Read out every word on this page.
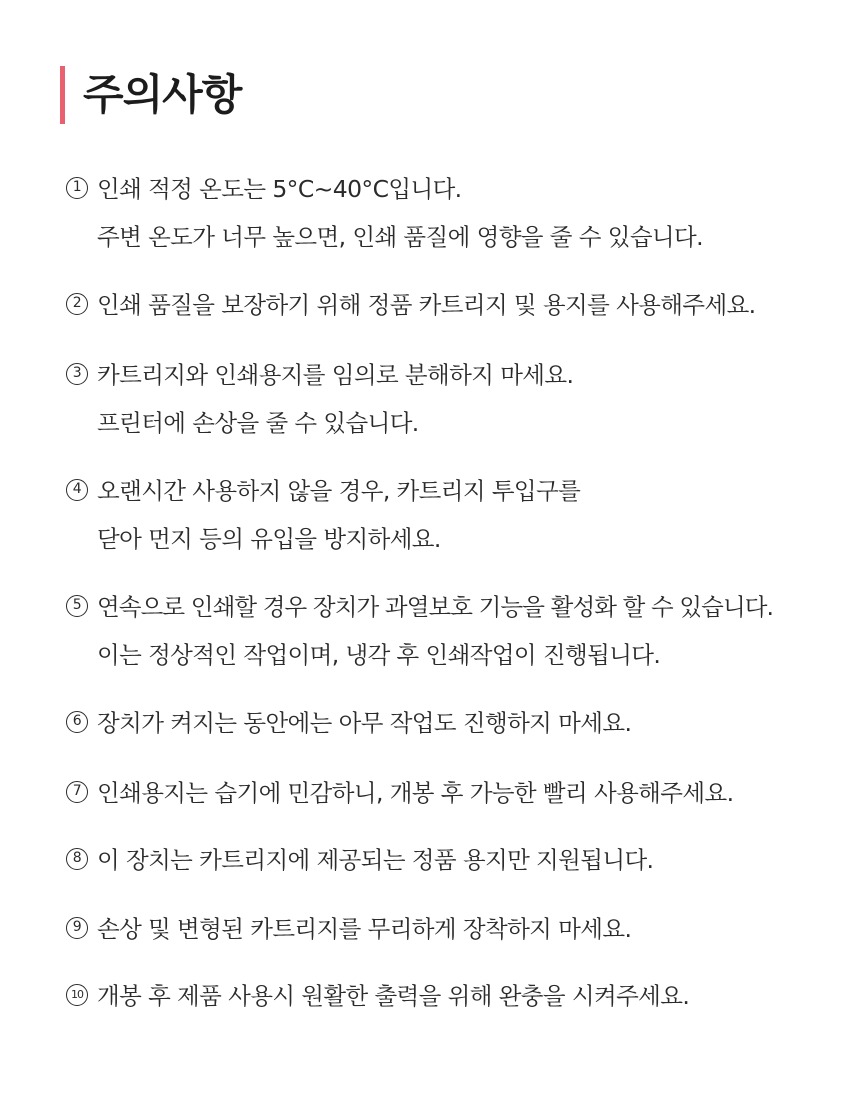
주의사항
1 인쇄 적정 온도는 5°C~40°C입니다.
주변 온도가 너무 높으면, 인쇄 품질에 영향을 줄 수 있습니다.
2 인쇄 품질을 보장하기 위해 정품 카트리지 및 용지를 사용해주세요.
3 카트리지와 인쇄용지를 임의로 분해하지 마세요.
프린터에 손상을 줄 수 있습니다.
4 오랜시간 사용하지 않을 경우, 카트리지 투입구를
닫아 먼지 등의 유입을 방지하세요.
5 연속으로 인쇄할 경우 장치가 과열보호 기능을 활성화 할 수 있습니다.
이는 정상적인 작업이며, 냉각 후 인쇄작업이 진행됩니다.
6 장치가 켜지는 동안에는 아무 작업도 진행하지 마세요.
7 인쇄용지는 습기에 민감하니, 개봉 후 가능한 빨리 사용해주세요.
8 이 장치는 카트리지에 제공되는 정품 용지만 지원됩니다.
9 손상 및 변형된 카트리지를 무리하게 장착하지 마세요.
10 개봉 후 제품 사용시 원활한 출력을 위해 완충을 시켜주세요.
